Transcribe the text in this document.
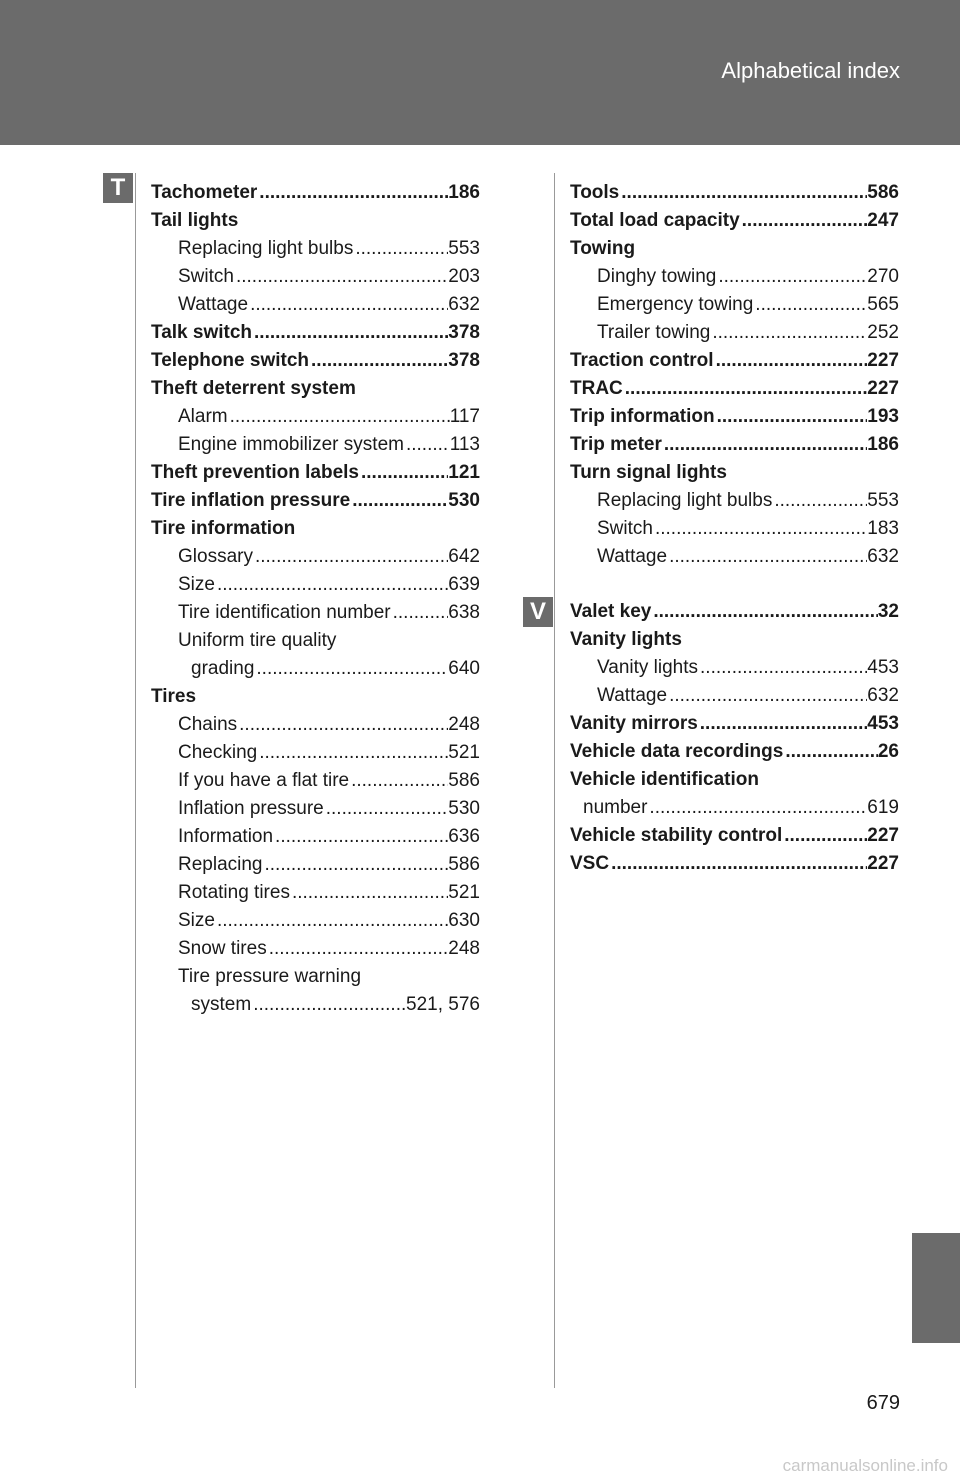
Alphabetical index
T
V
Tachometer .....	186
Tail lights
Replacing light bulbs .....	553
Switch .....	203
Wattage .....	632
Talk switch .....	378
Telephone switch .....	378
Theft deterrent system
Alarm .....	117
Engine immobilizer system ..... 113
Theft prevention labels .....	121
Tire inflation pressure .....	530
Tire information
Glossary .....	642
Size .....	639
Tire identification number .....	638
Uniform tire quality
grading .....	640
Tires
Chains .....	248
Checking .....	521
If you have a flat tire .....	586
Inflation pressure .....	530
Information .....	636
Replacing .....	586
Rotating tires .....	521
Size .....	630
Snow tires .....	248
Tire pressure warning
system .....	521, 576
Tools .....	586
Total load capacity .....	247
Towing
Dinghy towing .....	270
Emergency towing .....	565
Trailer towing .....	252
Traction control .....	227
TRAC .....	227
Trip information .....	193
Trip meter .....	186
Turn signal lights
Replacing light bulbs .....	553
Switch .....	183
Wattage .....	632
Valet key .....	32
Vanity lights
Vanity lights .....	453
Wattage .....	632
Vanity mirrors .....	453
Vehicle data recordings .....	26
Vehicle identification
number .....	619
Vehicle stability control .....	227
VSC .....	227
679
carmanualsonline.info
